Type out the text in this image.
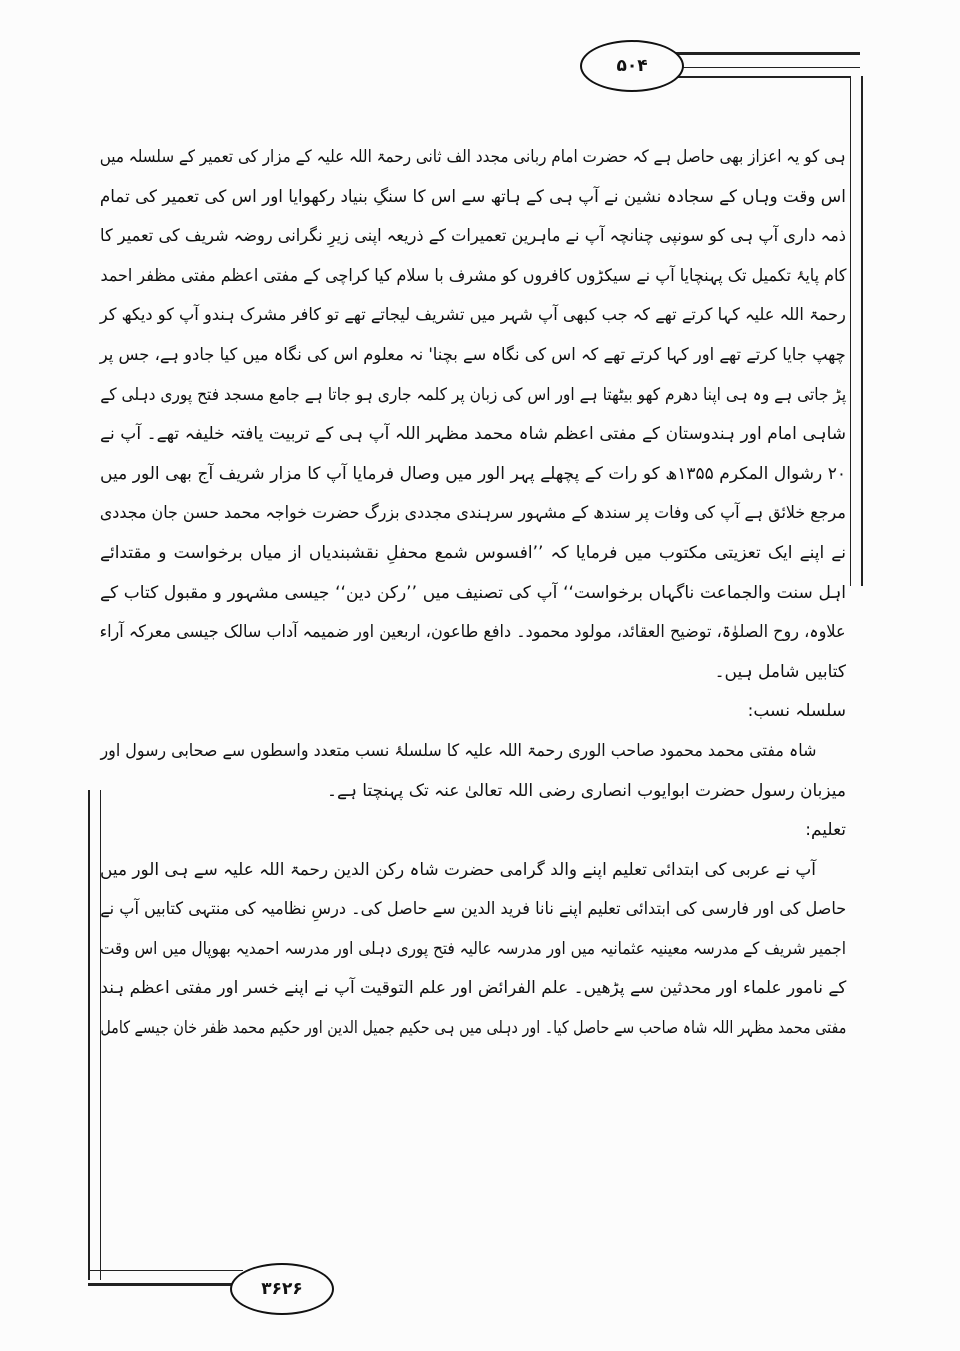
۵۰۴
۳۶۲۶
ہی کو یہ اعزاز بھی حاصل ہے کہ حضرت امام ربانی مجدد الف ثانی رحمۃ اللہ علیہ کے مزار کی تعمیر کے سلسلہ میں
اس وقت وہاں کے سجادہ نشین نے آپ ہی کے ہاتھ سے اس کا سنگِ بنیاد رکھوایا اور اس کی تعمیر کی تمام
ذمہ داری آپ ہی کو سونپی چنانچہ آپ نے ماہرین تعمیرات کے ذریعہ اپنی زیرِ نگرانی روضہ شریف کی تعمیر کا
کام پایۂ تکمیل تک پہنچایا آپ نے سیکڑوں کافروں کو مشرف با سلام کیا کراچی کے مفتی اعظم مفتی مظفر احمد
رحمۃ اللہ علیہ کہا کرتے تھے کہ جب کبھی آپ شہر میں تشریف لیجاتے تھے تو کافر مشرک ہندو آپ کو دیکھ کر
چھپ جایا کرتے تھے اور کہا کرتے تھے کہ اس کی نگاہ سے بچنا' نہ معلوم اس کی نگاہ میں کیا جادو ہے، جس پر
پڑ جاتی ہے وہ ہی اپنا دھرم کھو بیٹھتا ہے اور اس کی زبان پر کلمہ جاری ہو جاتا ہے جامع مسجد فتح پوری دہلی کے
شاہی امام اور ہندوستان کے مفتی اعظم شاہ محمد مظہر اللہ آپ ہی کے تربیت یافتہ خلیفہ تھے۔ آپ نے
۲۰ رشوال المکرم ۱۳۵۵ھ کو رات کے پچھلے پہر الور میں وصال فرمایا آپ کا مزار شریف آج بھی الور میں
مرجع خلائق ہے آپ کی وفات پر سندھ کے مشہور سرہندی مجددی بزرگ حضرت خواجہ محمد حسن جان مجددی
نے اپنے ایک تعزیتی مکتوب میں فرمایا کہ ’’افسوس شمع محفلِ نقشبندیاں از میاں برخواست و مقتدائے
اہل سنت والجماعت ناگہاں برخواست‘‘ آپ کی تصنیف میں ’’رکن دین‘‘ جیسی مشہور و مقبول کتاب کے
علاوہ، روح الصلوٰۃ، توضیح العقائد، مولود محمود۔ دافع طاعون، اربعین اور ضمیمہ آداب سالک جیسی معرکہ آراء
کتابیں شامل ہیں۔
سلسلہ نسب:
شاہ مفتی محمد محمود صاحب الوری رحمۃ اللہ علیہ کا سلسلۂ نسب متعدد واسطوں سے صحابی رسول اور
میزبان رسول حضرت ابوایوب انصاری رضی اللہ تعالیٰ عنہ تک پہنچتا ہے۔
تعلیم:
آپ نے عربی کی ابتدائی تعلیم اپنے والد گرامی حضرت شاہ رکن الدین رحمۃ اللہ علیہ سے ہی الور میں
حاصل کی اور فارسی کی ابتدائی تعلیم اپنے نانا فرید الدین سے حاصل کی۔ درسِ نظامیہ کی منتہی کتابیں آپ نے
اجمیر شریف کے مدرسہ معینیہ عثمانیہ میں اور مدرسہ عالیہ فتح پوری دہلی اور مدرسہ احمدیہ بھوپال میں اس وقت
کے نامور علماء اور محدثین سے پڑھیں۔ علم الفرائض اور علم التوقیت آپ نے اپنے خسر اور مفتی اعظم ہند
مفتی محمد مظہر اللہ شاہ صاحب سے حاصل کیا۔ اور دہلی میں ہی حکیم جمیل الدین اور حکیم محمد ظفر خان جیسے کامل
